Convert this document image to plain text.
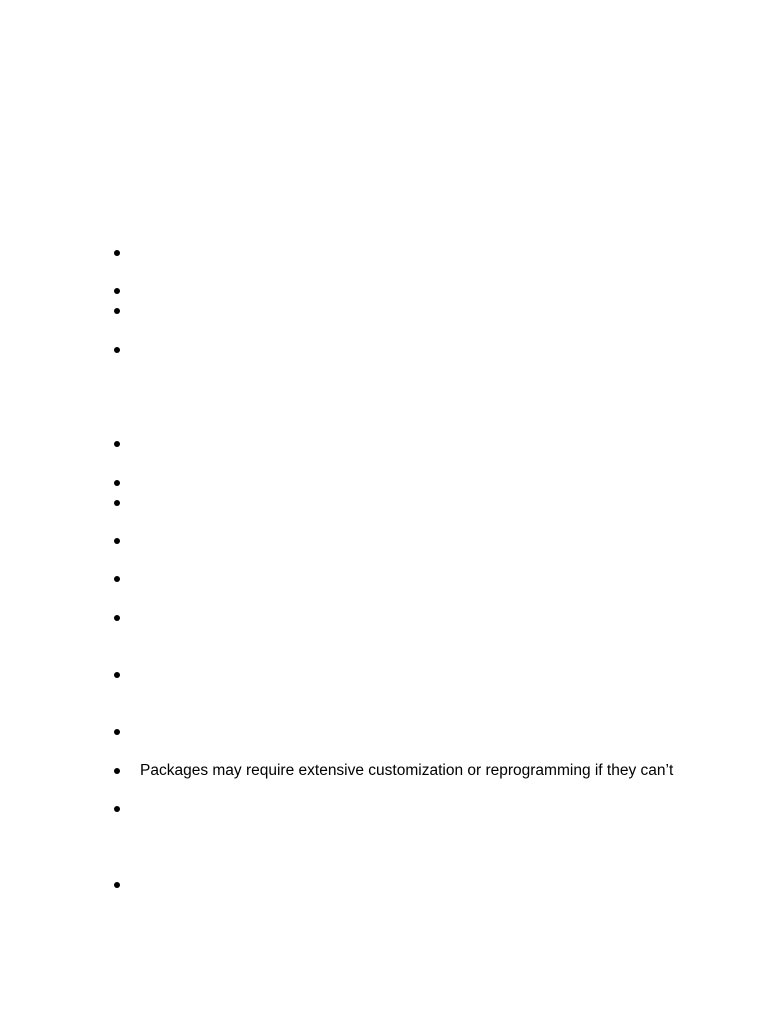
Packages may require extensive customization or reprogramming if they can’t
